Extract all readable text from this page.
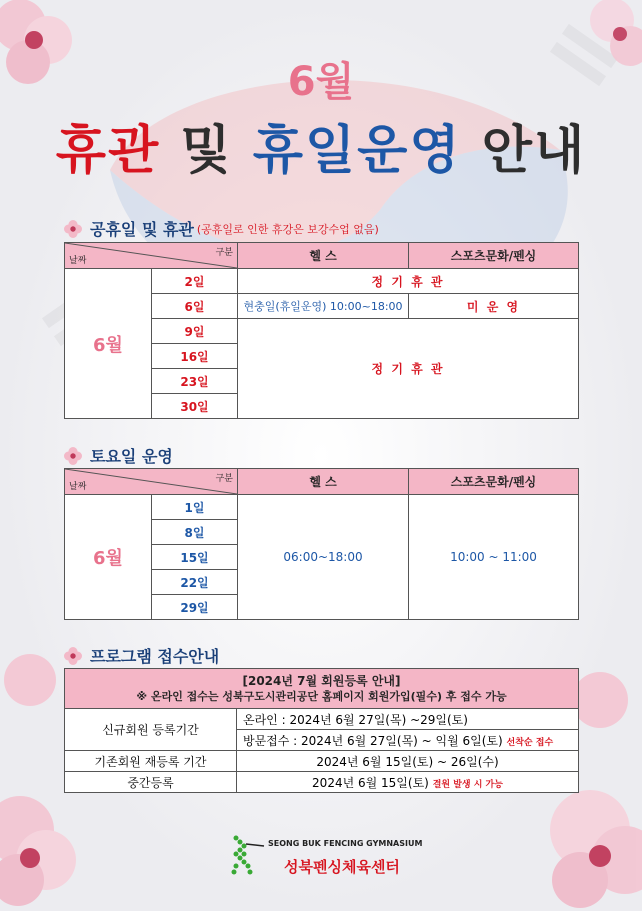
6월
휴관 및 휴일운영 안내
공휴일 및 휴관 (공휴일로 인한 휴강은 보강수업 없음)
구분
날짜		헬 스	스포츠문화/펜싱
6월	2일	정 기 휴 관	
	6일	현충일(휴일운영) 10:00~18:00	미 운 영
	9일	정 기 휴 관	
	16일		
	23일		
	30일		
토요일 운영
구분
날짜		헬 스	스포츠문화/펜싱
6월	1일	06:00~18:00	10:00 ~ 11:00
	8일		
	15일		
	22일		
	29일		
프로그램 접수안내
[2024년 7월 회원등록 안내]
※ 온라인 접수는 성북구도시관리공단 홈페이지 회원가입(필수) 후 접수 가능	

신규회원 등록기간	온라인 : 2024년 6월 27일(목) ~29일(토)
	방문접수 : 2024년 6월 27일(목) ~ 익월 6일(토) 선착순 접수
기존회원 재등록 기간	2024년 6월 15일(토) ~ 26일(수)
중간등록	2024년 6월 15일(토) 결원 발생 시 가능
SEONG BUK FENCING GYMNASIUM
성북펜싱체육센터
